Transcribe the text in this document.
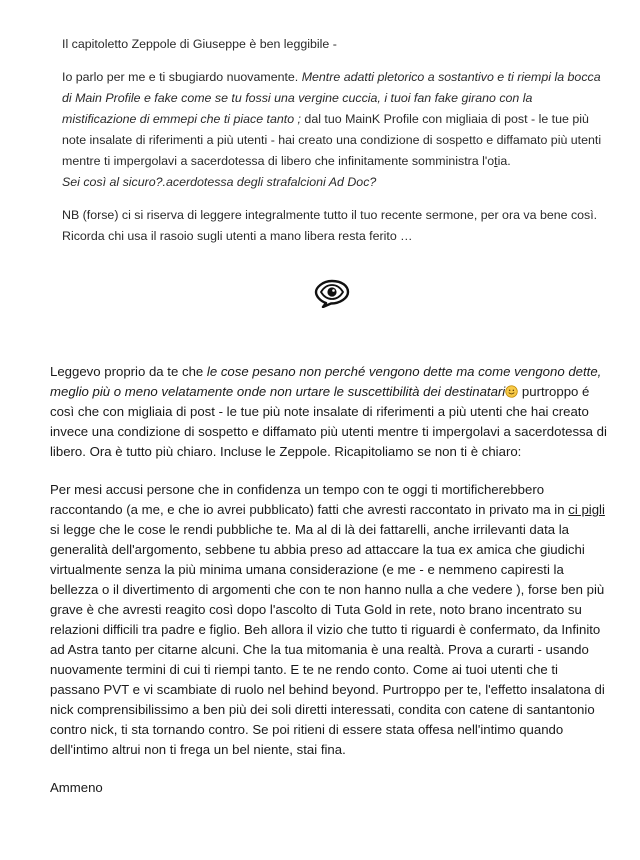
Il capitoletto Zeppole di Giuseppe è ben leggibile -

Io parlo per me e ti sbugiardo nuovamente. Mentre adatti pletorico a sostantivo e ti riempi la bocca di Main Profile e fake come se tu fossi una vergine cuccia, i tuoi fan fake girano con la mistificazione di emmepi che ti piace tanto ; dal tuo MainK Profile con migliaia di post - le tue più note insalate di riferimenti a più utenti - hai creato una condizione di sospetto e diffamato più utenti mentre ti impergolavi a sacerdotessa di libero che infinitamente somministra l'otia.
Sei così al sicuro?.acerdotessa degli strafalcioni Ad Doc?

NB (forse) ci si riserva di leggere integralmente tutto il tuo recente sermone, per ora va bene così. Ricorda chi usa il rasoio sugli utenti a mano libera resta ferito …

Leggevo proprio da te che le cose pesano non perché vengono dette ma come vengono dette, meglio più o meno velatamente onde non urtare le suscettibilità dei destinatari purtroppo é così che con migliaia di post - le tue più note insalate di riferimenti a più utenti che hai creato invece una condizione di sospetto e diffamato più utenti mentre ti impergolavi a sacerdotessa di libero. Ora è tutto più chiaro. Incluse le Zeppole. Ricapitoliamo se non ti è chiaro:

Per mesi accusi persone che in confidenza un tempo con te oggi ti mortificherebbero raccontando (a me, e che io avrei pubblicato) fatti che avresti raccontato in privato ma in ci pigli si legge che le cose le rendi pubbliche te. Ma al di là dei fattarelli, anche irrilevanti data la generalità dell'argomento, sebbene tu abbia preso ad attaccare la tua ex amica che giudichi virtualmente senza la più minima umana considerazione (e me - e nemmeno capiresti la bellezza o il divertimento di argomenti che con te non hanno nulla a che vedere ), forse ben più grave è che avresti reagito così dopo l'ascolto di Tuta Gold in rete, noto brano incentrato su relazioni difficili tra padre e figlio. Beh allora il vizio che tutto ti riguardi è confermato, da Infinito ad Astra tanto per citarne alcuni. Che la tua mitomania è una realtà. Prova a curarti - usando nuovamente termini di cui ti riempi tanto. E te ne rendo conto. Come ai tuoi utenti che ti passano PVT e vi scambiate di ruolo nel behind beyond. Purtroppo per te, l'effetto insalatona di nick comprensibilissimo a ben più dei soli diretti interessati, condita con catene di santantonio contro nick, ti sta tornando contro. Se poi ritieni di essere stata offesa nell'intimo quando dell'intimo altrui non ti frega un bel niente, stai fina.

Ammeno
